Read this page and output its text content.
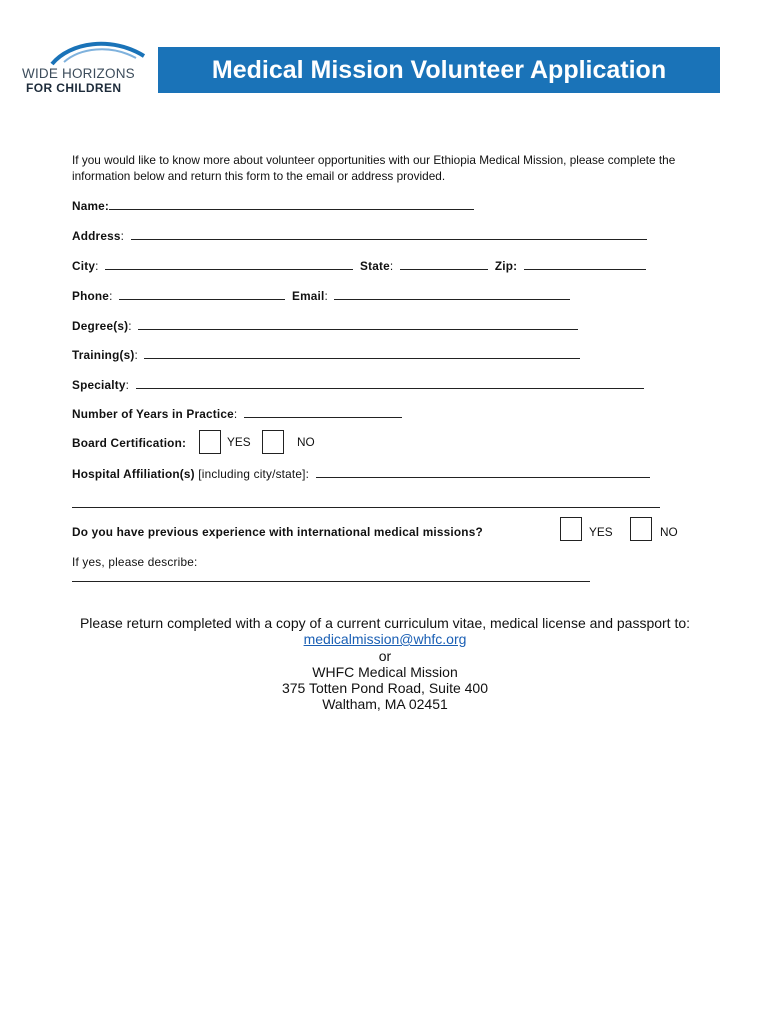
WIDE HORIZONS
FOR CHILDREN
Medical Mission Volunteer Application
If you would like to know more about volunteer opportunities with our Ethiopia Medical Mission, please complete the information below and return this form to the email or address provided.
Name:
Address:
City:	State:	Zip:
Phone:	Email:
Degree(s):
Training(s):
Specialty:
Number of Years in Practice:
Board Certification:	YES	NO
Hospital Affiliation(s) [including city/state]:
Do you have previous experience with international medical missions?	YES	NO
If yes, please describe:
Please return completed with a copy of a current curriculum vitae, medical license and passport to:
medicalmission@whfc.org
or
WHFC Medical Mission
375 Totten Pond Road, Suite 400
Waltham, MA 02451
